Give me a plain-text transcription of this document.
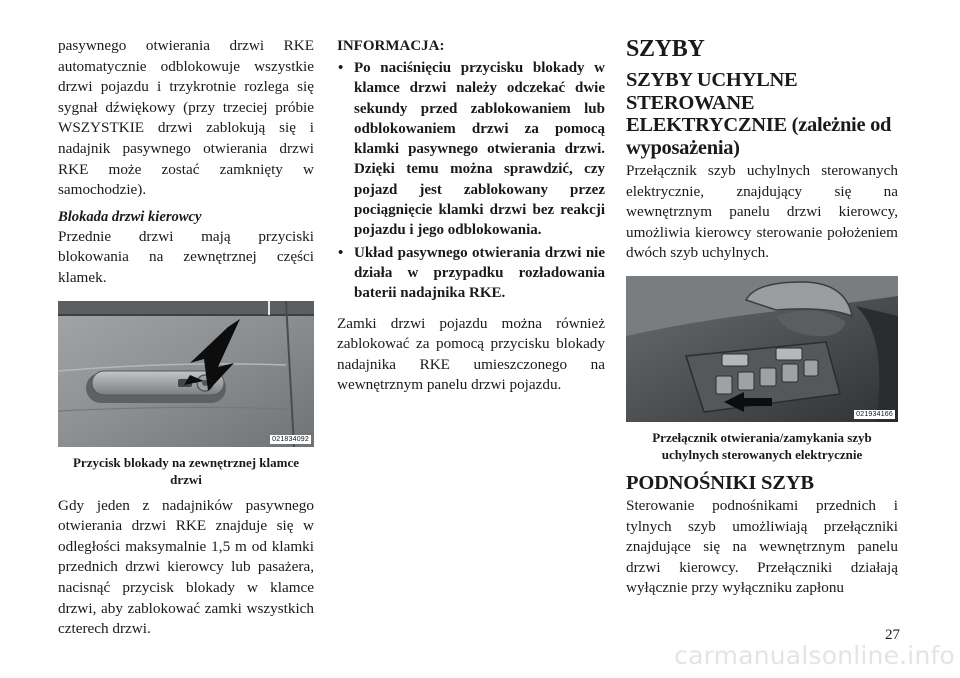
pasywnego otwierania drzwi RKE automatycznie odblokowuje wszystkie drzwi pojazdu i trzykrotnie rozlega się sygnał dźwiękowy (przy trzeciej próbie WSZYSTKIE drzwi zablokują się i nadajnik pasywnego otwierania drzwi RKE może zostać zamknięty w samochodzie).

Blokada drzwi kierowcy

Przednie drzwi mają przyciski blokowania na zewnętrznej części klamek.

021834092

Przycisk blokady na zewnętrznej klamce drzwi

Gdy jeden z nadajników pasywnego otwierania drzwi RKE znajduje się w odległości maksymalnie 1,5 m od klamki przednich drzwi kierowcy lub pasażera, nacisnąć przycisk blokady w klamce drzwi, aby zablokować zamki wszystkich czterech drzwi.

INFORMACJA:

• Po naciśnięciu przycisku blokady w klamce drzwi należy odczekać dwie sekundy przed zablokowaniem lub odblokowaniem drzwi za pomocą klamki pasywnego otwierania drzwi. Dzięki temu można sprawdzić, czy pojazd jest zablokowany przez pociągnięcie klamki drzwi bez reakcji pojazdu i jego odblokowania.
• Układ pasywnego otwierania drzwi nie działa w przypadku rozładowania baterii nadajnika RKE.

Zamki drzwi pojazdu można również zablokować za pomocą przycisku blokady nadajnika RKE umieszczonego na wewnętrznym panelu drzwi pojazdu.

SZYBY

SZYBY UCHYLNE STEROWANE ELEKTRYCZNIE (zależnie od wyposażenia)

Przełącznik szyb uchylnych sterowanych elektrycznie, znajdujący się na wewnętrznym panelu drzwi kierowcy, umożliwia kierowcy sterowanie położeniem dwóch szyb uchylnych.

021934166

Przełącznik otwierania/zamykania szyb uchylnych sterowanych elektrycznie

PODNOŚNIKI SZYB

Sterowanie podnośnikami przednich i tylnych szyb umożliwiają przełączniki znajdujące się na wewnętrznym panelu drzwi kierowcy. Przełączniki działają wyłącznie przy wyłączniku zapłonu

27
carmanualsonline.info
